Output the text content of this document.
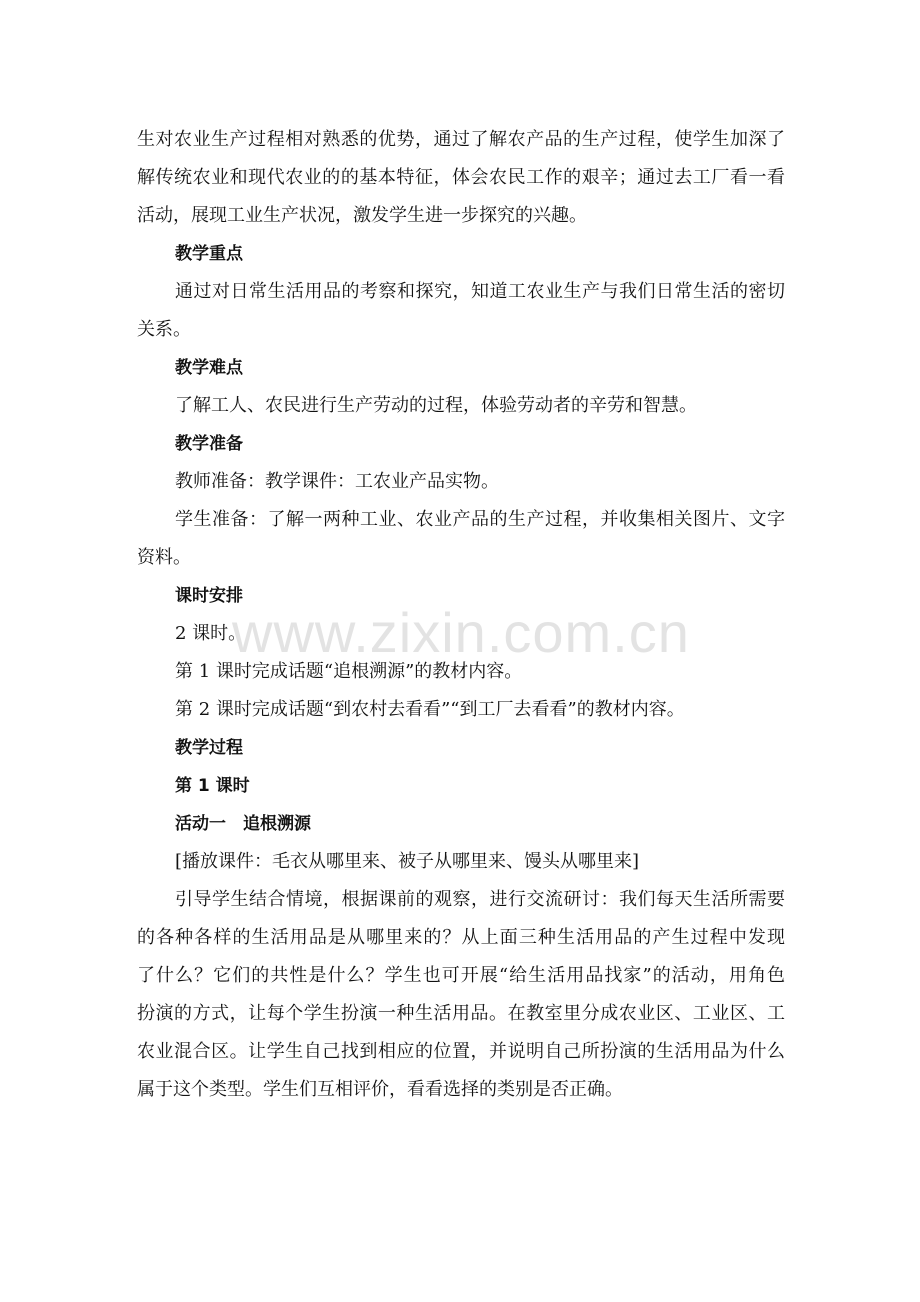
生对农业生产过程相对熟悉的优势，通过了解农产品的生产过程，使学生加深了
解传统农业和现代农业的的基本特征，体会农民工作的艰辛；通过去工厂看一看
活动，展现工业生产状况，激发学生进一步探究的兴趣。
教学重点
通过对日常生活用品的考察和探究，知道工农业生产与我们日常生活的密切
关系。
教学难点
了解工人、农民进行生产劳动的过程，体验劳动者的辛劳和智慧。
教学准备
教师准备：教学课件：工农业产品实物。
学生准备：了解一两种工业、农业产品的生产过程，并收集相关图片、文字
资料。
课时安排
2 课时。
第 1 课时完成话题“追根溯源”的教材内容。
第 2 课时完成话题“到农村去看看”“到工厂去看看”的教材内容。
教学过程
第 1 课时
活动一　追根溯源
[播放课件：毛衣从哪里来、被子从哪里来、馒头从哪里来]
引导学生结合情境，根据课前的观察，进行交流研讨：我们每天生活所需要
的各种各样的生活用品是从哪里来的？从上面三种生活用品的产生过程中发现
了什么？它们的共性是什么？学生也可开展“给生活用品找家”的活动，用角色
扮演的方式，让每个学生扮演一种生活用品。在教室里分成农业区、工业区、工
农业混合区。让学生自己找到相应的位置，并说明自己所扮演的生活用品为什么
属于这个类型。学生们互相评价，看看选择的类别是否正确。
www.zixin.com.cn
